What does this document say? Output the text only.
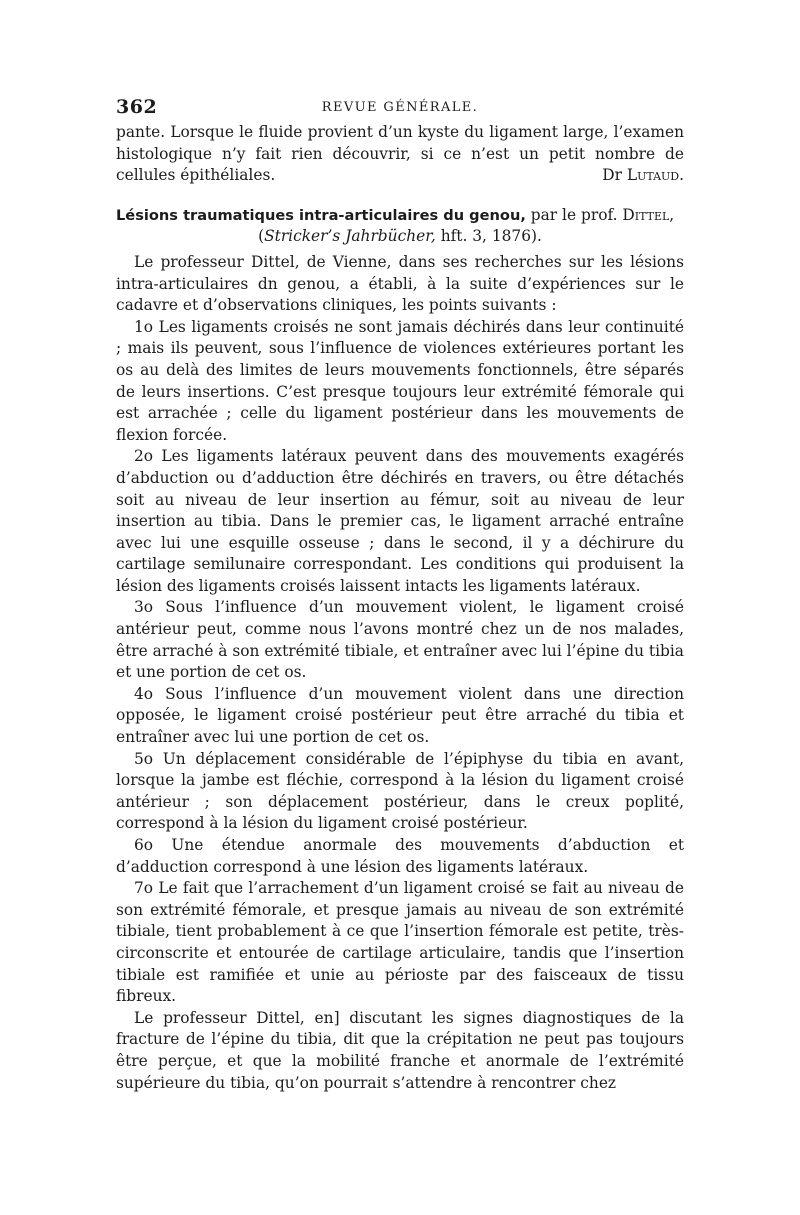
362	REVUE GÉNÉRALE.

pante. Lorsque le fluide provient d’un kyste du ligament large, l’examen histologique n’y fait rien découvrir, si ce n’est un petit nombre de cellules épithéliales.	Dr Lutaud.

Lésions traumatiques intra-articulaires du genou, par le prof. Dittel,

(Stricker’s Jahrbücher, hft. 3, 1876).

Le professeur Dittel, de Vienne, dans ses recherches sur les lésions intra-articulaires dn genou, a établi, à la suite d’expériences sur le cadavre et d’observations cliniques, les points suivants :

1o Les ligaments croisés ne sont jamais déchirés dans leur continuité ; mais ils peuvent, sous l’influence de violences extérieures portant les os au delà des limites de leurs mouvements fonctionnels, être séparés de leurs insertions. C’est presque toujours leur extrémité fémorale qui est arrachée ; celle du ligament postérieur dans les mouvements de flexion forcée.

2o Les ligaments latéraux peuvent dans des mouvements exagérés d’abduction ou d’adduction être déchirés en travers, ou être détachés soit au niveau de leur insertion au fémur, soit au niveau de leur insertion au tibia. Dans le premier cas, le ligament arraché entraîne avec lui une esquille osseuse ; dans le second, il y a déchirure du cartilage semilunaire correspondant. Les conditions qui produisent la lésion des ligaments croisés laissent intacts les ligaments latéraux.

3o Sous l’influence d’un mouvement violent, le ligament croisé antérieur peut, comme nous l’avons montré chez un de nos malades, être arraché à son extrémité tibiale, et entraîner avec lui l’épine du tibia et une portion de cet os.

4o Sous l’influence d’un mouvement violent dans une direction opposée, le ligament croisé postérieur peut être arraché du tibia et entraîner avec lui une portion de cet os.

5o Un déplacement considérable de l’épiphyse du tibia en avant, lorsque la jambe est fléchie, correspond à la lésion du ligament croisé antérieur ; son déplacement postérieur, dans le creux poplité, correspond à la lésion du ligament croisé postérieur.

6o Une étendue anormale des mouvements d’abduction et d’adduction correspond à une lésion des ligaments latéraux.

7o Le fait que l’arrachement d’un ligament croisé se fait au niveau de son extrémité fémorale, et presque jamais au niveau de son extrémité tibiale, tient probablement à ce que l’insertion fémorale est petite, très-circonscrite et entourée de cartilage articulaire, tandis que l’insertion tibiale est ramifiée et unie au périoste par des faisceaux de tissu fibreux.

Le professeur Dittel, en] discutant les signes diagnostiques de la fracture de l’épine du tibia, dit que la crépitation ne peut pas toujours être perçue, et que la mobilité franche et anormale de l’extrémité supérieure du tibia, qu’on pourrait s’attendre à rencontrer chez
